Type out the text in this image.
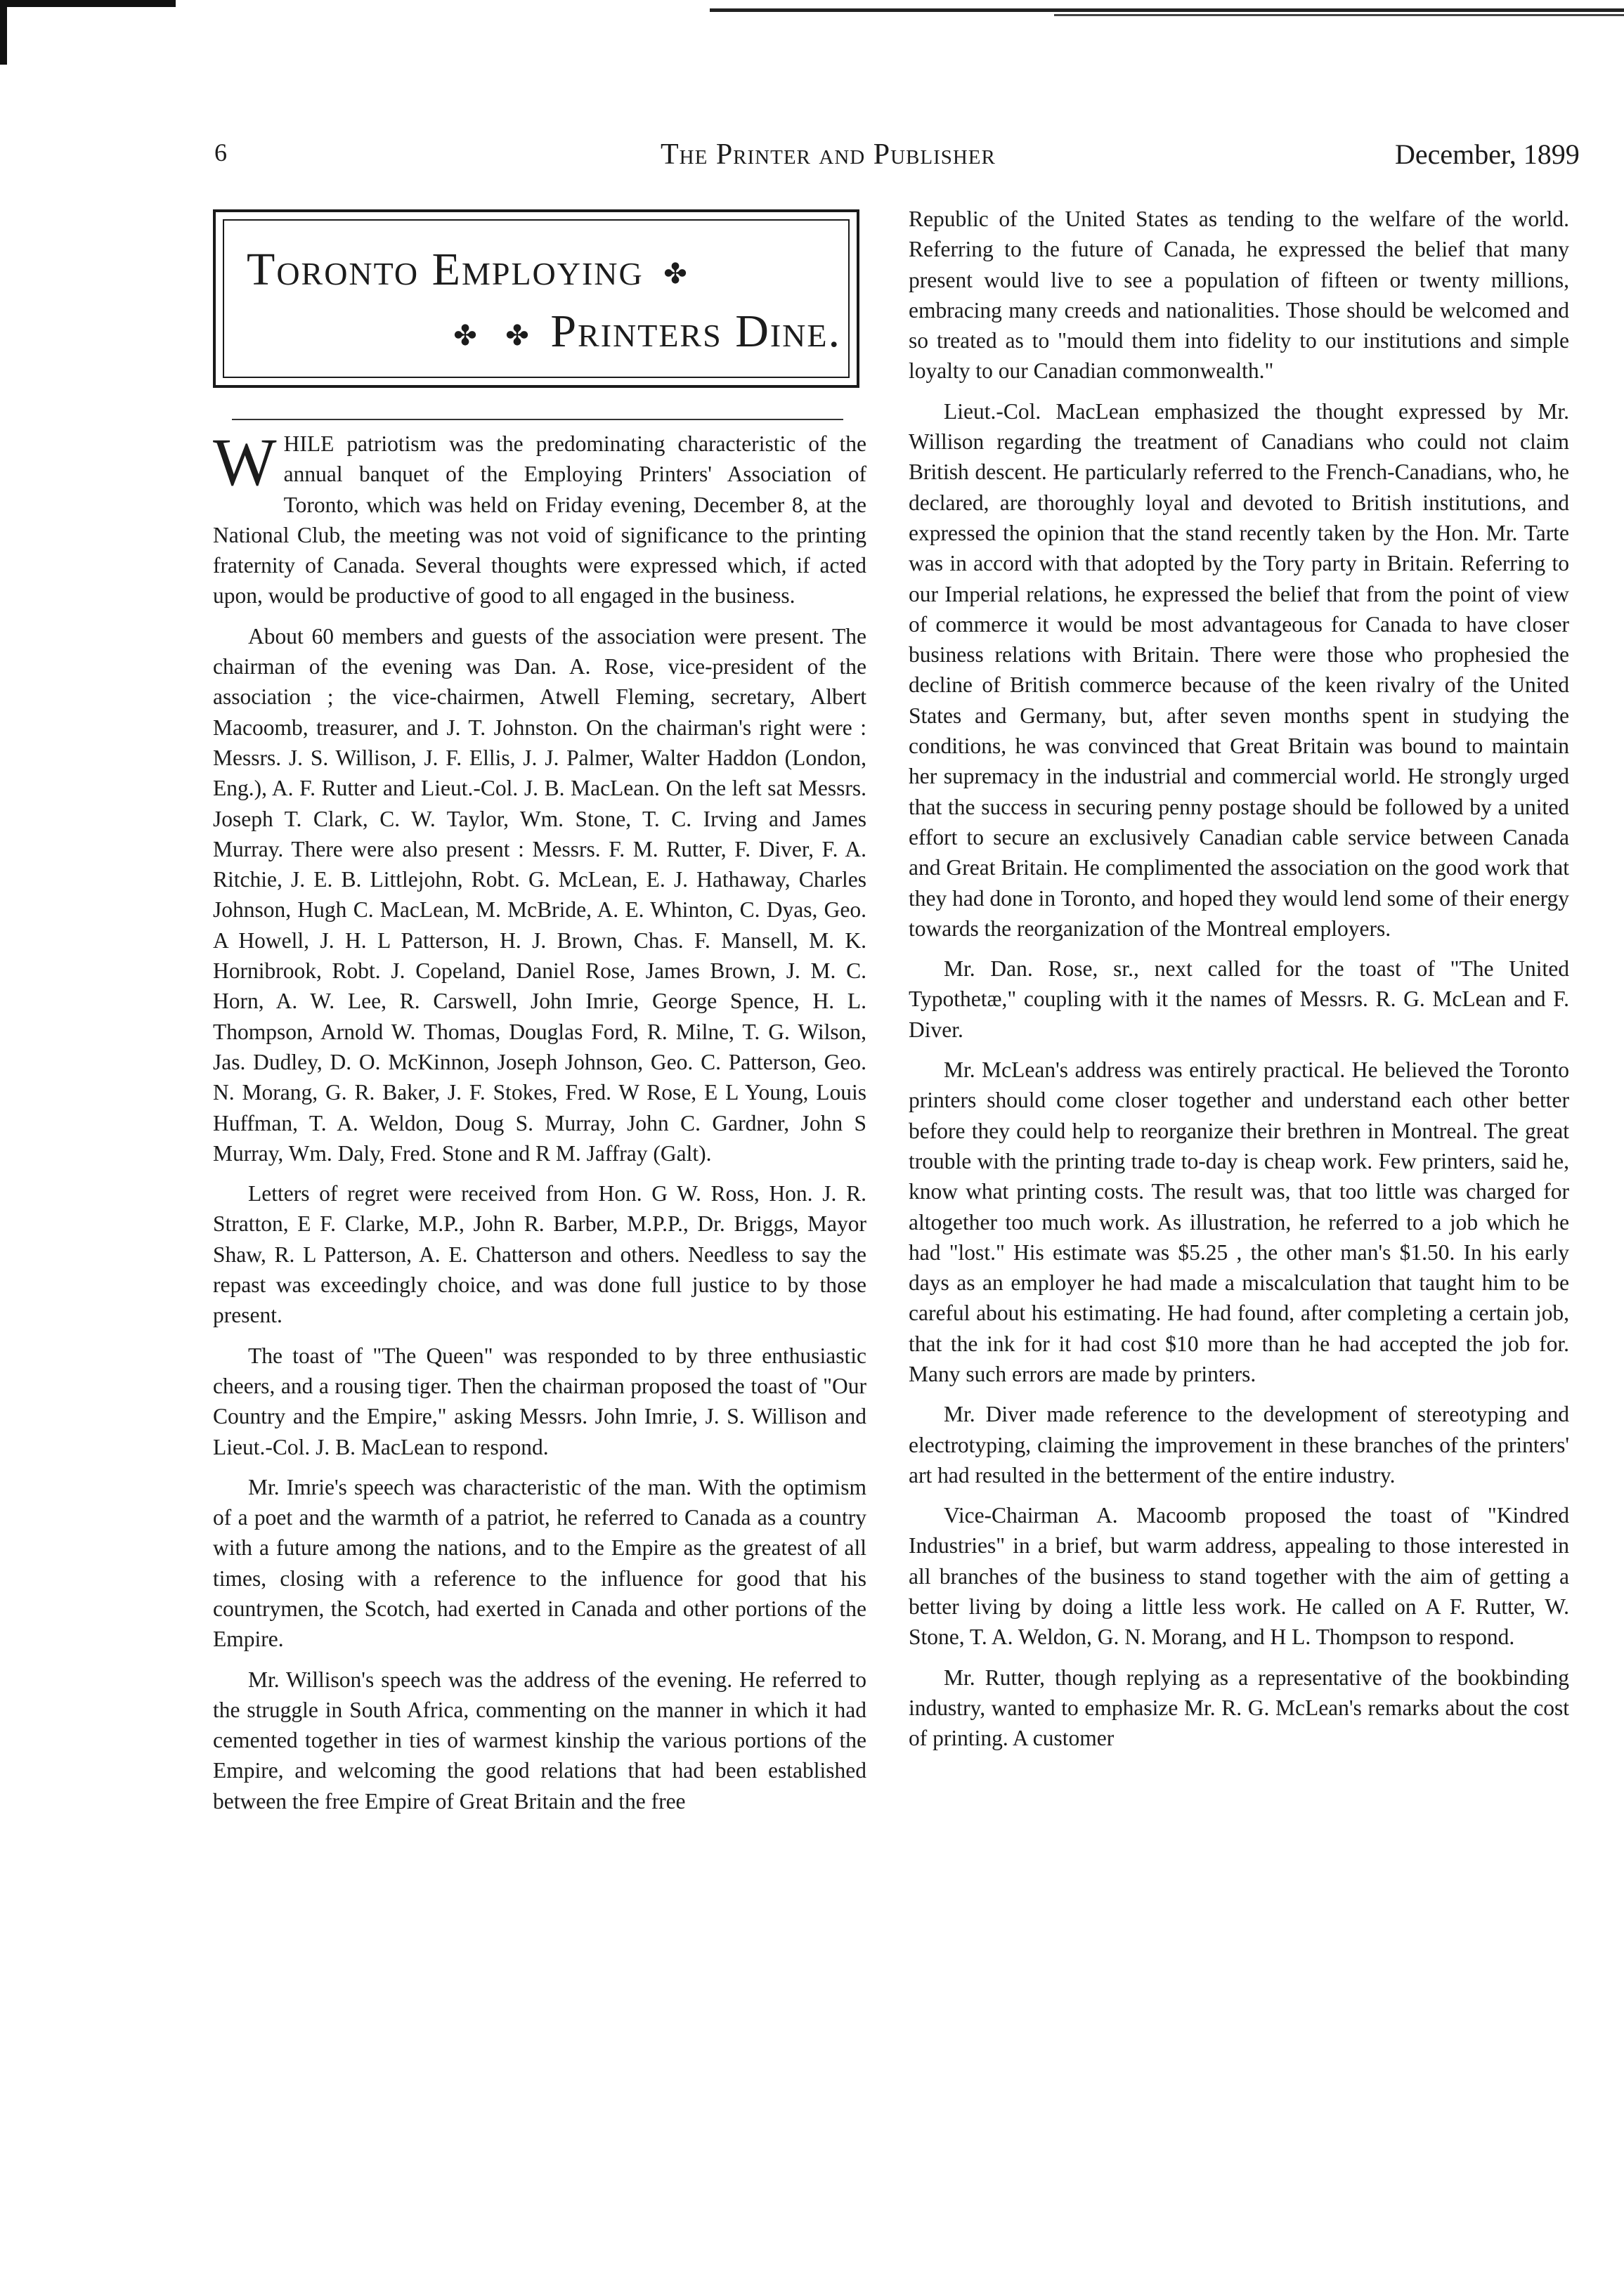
6	The Printer and Publisher	December, 1899
Toronto Employing ✤
✤ ✤ Printers Dine.

W HILE patriotism was the predominating characteristic of the annual banquet of the Employing Printers' Association of Toronto, which was held on Friday evening, December 8, at the National Club, the meeting was not void of significance to the printing fraternity of Canada. Several thoughts were expressed which, if acted upon, would be productive of good to all engaged in the business.

About 60 members and guests of the association were present. The chairman of the evening was Dan. A. Rose, vice-president of the association ; the vice-chairmen, Atwell Fleming, secretary, Albert Macoomb, treasurer, and J. T. Johnston. On the chairman's right were : Messrs. J. S. Willison, J. F. Ellis, J. J. Palmer, Walter Haddon (London, Eng.), A. F. Rutter and Lieut.-Col. J. B. MacLean. On the left sat Messrs. Joseph T. Clark, C. W. Taylor, Wm. Stone, T. C. Irving and James Murray. There were also present : Messrs. F. M. Rutter, F. Diver, F. A. Ritchie, J. E. B. Littlejohn, Robt. G. McLean, E. J. Hathaway, Charles Johnson, Hugh C. MacLean, M. McBride, A. E. Whinton, C. Dyas, Geo. A Howell, J. H. L Patterson, H. J. Brown, Chas. F. Mansell, M. K. Hornibrook, Robt. J. Copeland, Daniel Rose, James Brown, J. M. C. Horn, A. W. Lee, R. Carswell, John Imrie, George Spence, H. L. Thompson, Arnold W. Thomas, Douglas Ford, R. Milne, T. G. Wilson, Jas. Dudley, D. O. McKinnon, Joseph Johnson, Geo. C. Patterson, Geo. N. Morang, G. R. Baker, J. F. Stokes, Fred. W Rose, E L Young, Louis Huffman, T. A. Weldon, Doug S. Murray, John C. Gardner, John S Murray, Wm. Daly, Fred. Stone and R M. Jaffray (Galt).

Letters of regret were received from Hon. G W. Ross, Hon. J. R. Stratton, E F. Clarke, M.P., John R. Barber, M.P.P., Dr. Briggs, Mayor Shaw, R. L Patterson, A. E. Chatterson and others. Needless to say the repast was exceedingly choice, and was done full justice to by those present.

The toast of "The Queen" was responded to by three enthusiastic cheers, and a rousing tiger. Then the chairman proposed the toast of "Our Country and the Empire," asking Messrs. John Imrie, J. S. Willison and Lieut.-Col. J. B. MacLean to respond.

Mr. Imrie's speech was characteristic of the man. With the optimism of a poet and the warmth of a patriot, he referred to Canada as a country with a future among the nations, and to the Empire as the greatest of all times, closing with a reference to the influence for good that his countrymen, the Scotch, had exerted in Canada and other portions of the Empire.

Mr. Willison's speech was the address of the evening. He referred to the struggle in South Africa, commenting on the manner in which it had cemented together in ties of warmest kinship the various portions of the Empire, and welcoming the good relations that had been established between the free Empire of Great Britain and the free

Republic of the United States as tending to the welfare of the world. Referring to the future of Canada, he expressed the belief that many present would live to see a population of fifteen or twenty millions, embracing many creeds and nationalities. Those should be welcomed and so treated as to "mould them into fidelity to our institutions and simple loyalty to our Canadian commonwealth."

Lieut.-Col. MacLean emphasized the thought expressed by Mr. Willison regarding the treatment of Canadians who could not claim British descent. He particularly referred to the French-Canadians, who, he declared, are thoroughly loyal and devoted to British institutions, and expressed the opinion that the stand recently taken by the Hon. Mr. Tarte was in accord with that adopted by the Tory party in Britain. Referring to our Imperial relations, he expressed the belief that from the point of view of commerce it would be most advantageous for Canada to have closer business relations with Britain. There were those who prophesied the decline of British commerce because of the keen rivalry of the United States and Germany, but, after seven months spent in studying the conditions, he was convinced that Great Britain was bound to maintain her supremacy in the industrial and commercial world. He strongly urged that the success in securing penny postage should be followed by a united effort to secure an exclusively Canadian cable service between Canada and Great Britain. He complimented the association on the good work that they had done in Toronto, and hoped they would lend some of their energy towards the reorganization of the Montreal employers.

Mr. Dan. Rose, sr., next called for the toast of "The United Typothetæ," coupling with it the names of Messrs. R. G. McLean and F. Diver.

Mr. McLean's address was entirely practical. He believed the Toronto printers should come closer together and understand each other better before they could help to reorganize their brethren in Montreal. The great trouble with the printing trade to-day is cheap work. Few printers, said he, know what printing costs. The result was, that too little was charged for altogether too much work. As illustration, he referred to a job which he had "lost." His estimate was $5.25 , the other man's $1.50. In his early days as an employer he had made a miscalculation that taught him to be careful about his estimating. He had found, after completing a certain job, that the ink for it had cost $10 more than he had accepted the job for. Many such errors are made by printers.

Mr. Diver made reference to the development of stereotyping and electrotyping, claiming the improvement in these branches of the printers' art had resulted in the betterment of the entire industry.

Vice-Chairman A. Macoomb proposed the toast of "Kindred Industries" in a brief, but warm address, appealing to those interested in all branches of the business to stand together with the aim of getting a better living by doing a little less work. He called on A F. Rutter, W. Stone, T. A. Weldon, G. N. Morang, and H L. Thompson to respond.

Mr. Rutter, though replying as a representative of the bookbinding industry, wanted to emphasize Mr. R. G. McLean's remarks about the cost of printing. A customer
